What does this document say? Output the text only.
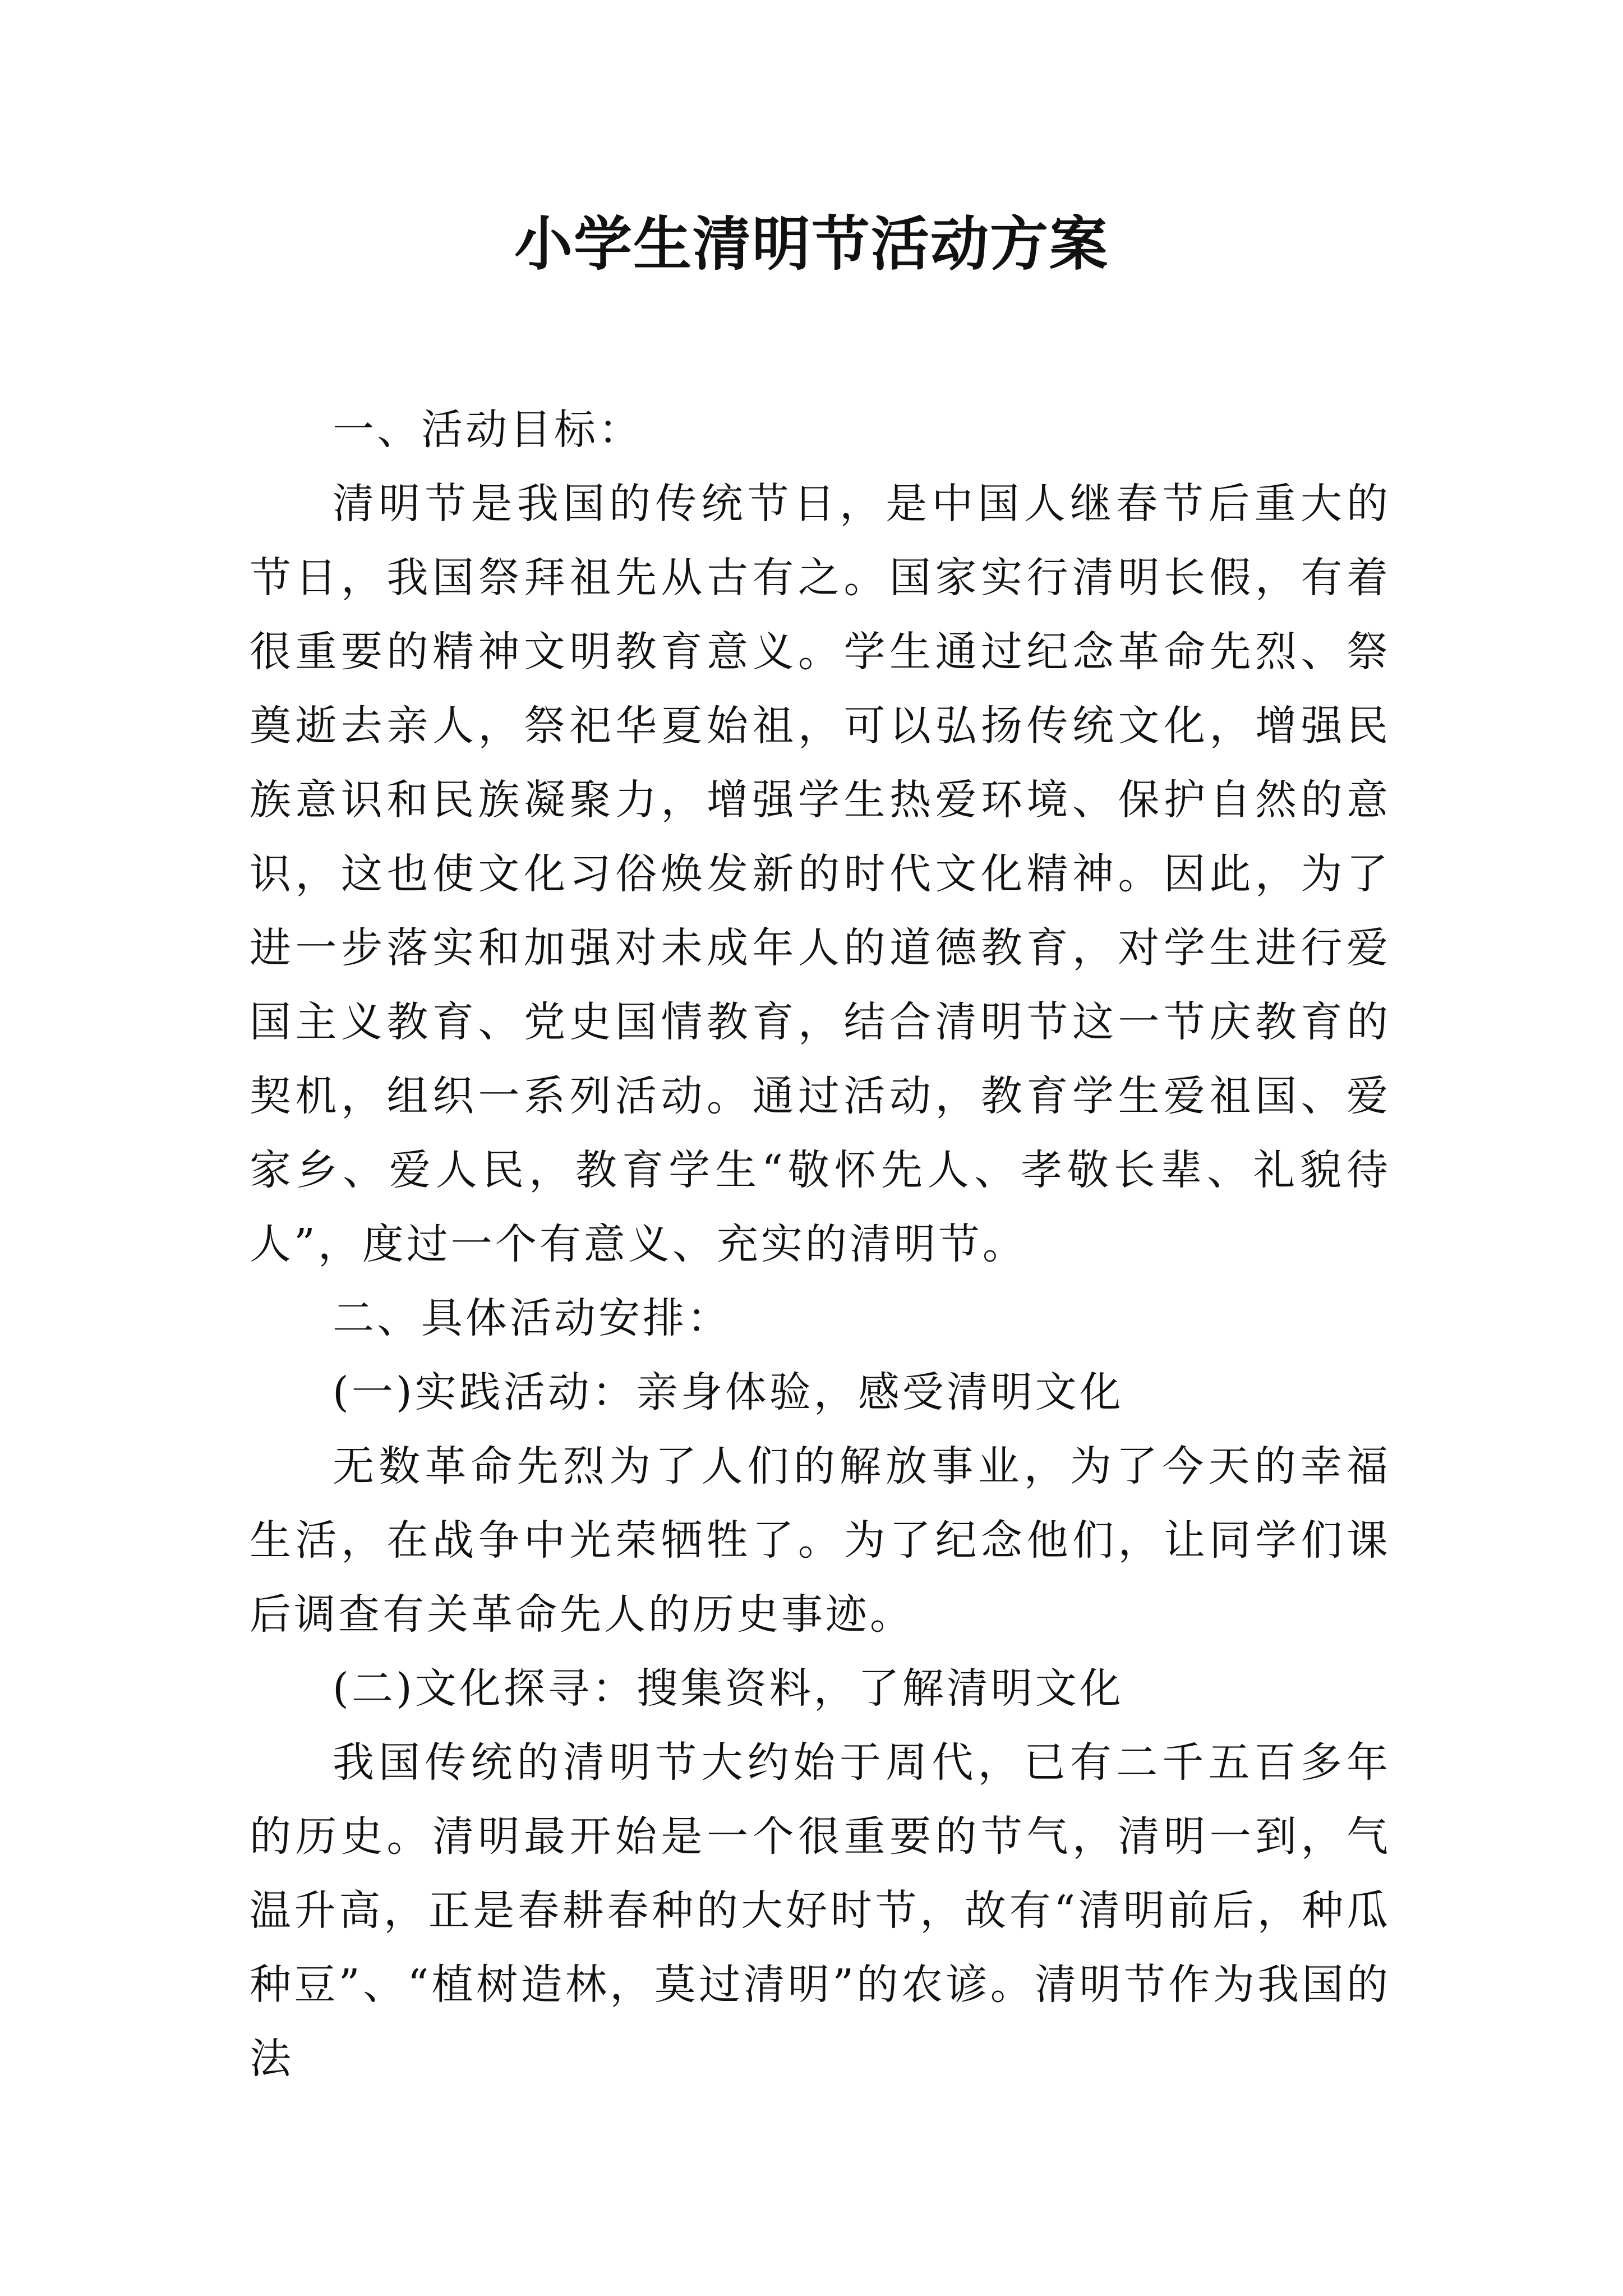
小学生清明节活动方案

一、活动目标：

清明节是我国的传统节日，是中国人继春节后重大的节日，我国祭拜祖先从古有之。国家实行清明长假，有着很重要的精神文明教育意义。学生通过纪念革命先烈、祭奠逝去亲人，祭祀华夏始祖，可以弘扬传统文化，增强民族意识和民族凝聚力，增强学生热爱环境、保护自然的意识，这也使文化习俗焕发新的时代文化精神。因此，为了进一步落实和加强对未成年人的道德教育，对学生进行爱国主义教育、党史国情教育，结合清明节这一节庆教育的契机，组织一系列活动。通过活动，教育学生爱祖国、爱家乡、爱人民，教育学生“敬怀先人、孝敬长辈、礼貌待人”，度过一个有意义、充实的清明节。

二、具体活动安排：

(一)实践活动：亲身体验，感受清明文化

无数革命先烈为了人们的解放事业，为了今天的幸福生活，在战争中光荣牺牲了。为了纪念他们，让同学们课后调查有关革命先人的历史事迹。

(二)文化探寻：搜集资料，了解清明文化

我国传统的清明节大约始于周代，已有二千五百多年的历史。清明最开始是一个很重要的节气，清明一到，气温升高，正是春耕春种的大好时节，故有“清明前后，种瓜种豆”、“植树造林，莫过清明”的农谚。清明节作为我国的法
